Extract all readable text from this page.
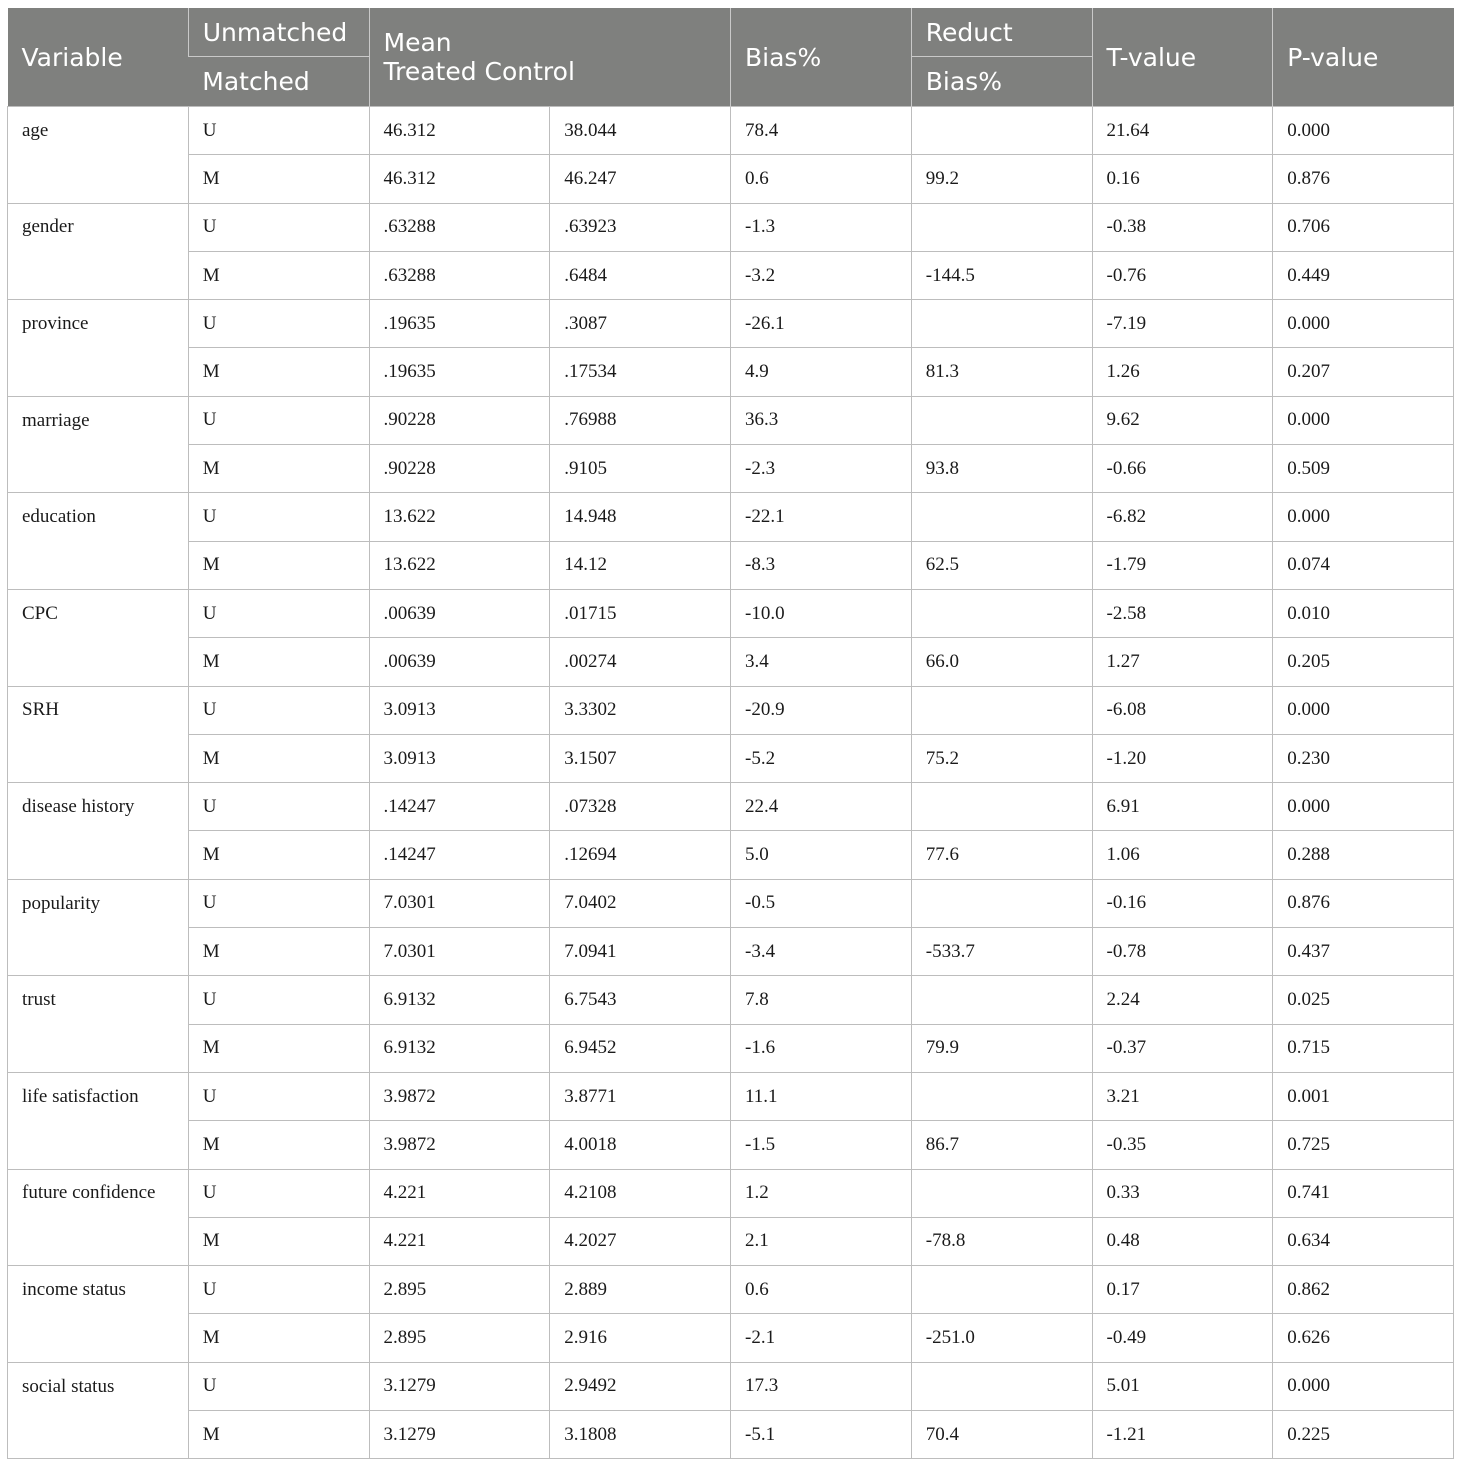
Variable	Unmatched	Mean
Treated Control		Bias%	Reduct	T-value	P-value
	Matched				Bias%		
age	U	46.312	38.044	78.4		21.64	0.000
	M	46.312	46.247	0.6	99.2	0.16	0.876
gender	U	.63288	.63923	-1.3		-0.38	0.706
	M	.63288	.6484	-3.2	-144.5	-0.76	0.449
province	U	.19635	.3087	-26.1		-7.19	0.000
	M	.19635	.17534	4.9	81.3	1.26	0.207
marriage	U	.90228	.76988	36.3		9.62	0.000
	M	.90228	.9105	-2.3	93.8	-0.66	0.509
education	U	13.622	14.948	-22.1		-6.82	0.000
	M	13.622	14.12	-8.3	62.5	-1.79	0.074
CPC	U	.00639	.01715	-10.0		-2.58	0.010
	M	.00639	.00274	3.4	66.0	1.27	0.205
SRH	U	3.0913	3.3302	-20.9		-6.08	0.000
	M	3.0913	3.1507	-5.2	75.2	-1.20	0.230
disease history	U	.14247	.07328	22.4		6.91	0.000
	M	.14247	.12694	5.0	77.6	1.06	0.288
popularity	U	7.0301	7.0402	-0.5		-0.16	0.876
	M	7.0301	7.0941	-3.4	-533.7	-0.78	0.437
trust	U	6.9132	6.7543	7.8		2.24	0.025
	M	6.9132	6.9452	-1.6	79.9	-0.37	0.715
life satisfaction	U	3.9872	3.8771	11.1		3.21	0.001
	M	3.9872	4.0018	-1.5	86.7	-0.35	0.725
future confidence	U	4.221	4.2108	1.2		0.33	0.741
	M	4.221	4.2027	2.1	-78.8	0.48	0.634
income status	U	2.895	2.889	0.6		0.17	0.862
	M	2.895	2.916	-2.1	-251.0	-0.49	0.626
social status	U	3.1279	2.9492	17.3		5.01	0.000
	M	3.1279	3.1808	-5.1	70.4	-1.21	0.225
